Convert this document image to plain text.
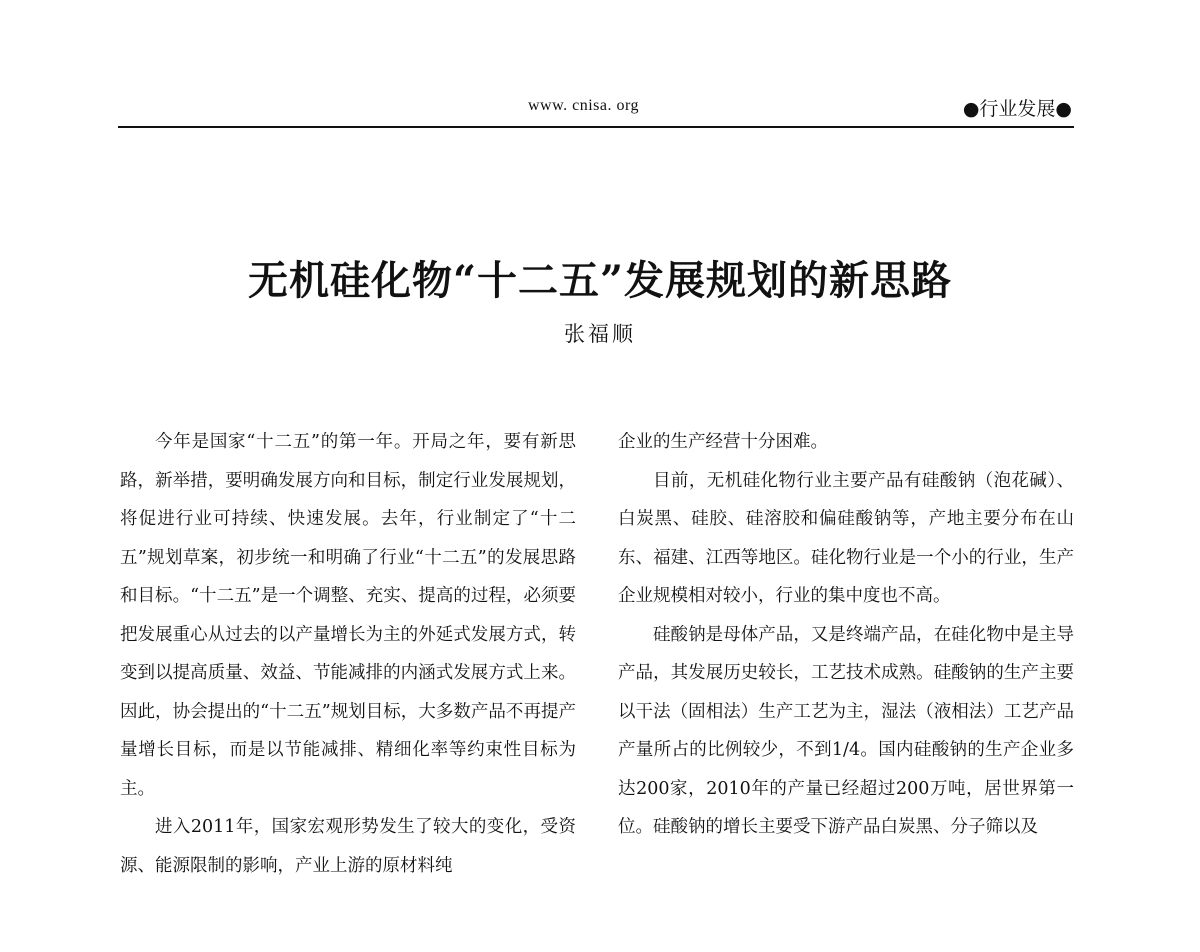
www. cnisa. org	●行业发展●
无机硅化物“十二五”发展规划的新思路
张福顺

今年是国家“十二五”的第一年。开局之年，要有新思路，新举措，要明确发展方向和目标，制定行业发展规划，将促进行业可持续、快速发展。去年，行业制定了“十二五”规划草案，初步统一和明确了行业“十二五”的发展思路和目标。“十二五”是一个调整、充实、提高的过程，必须要把发展重心从过去的以产量增长为主的外延式发展方式，转变到以提高质量、效益、节能减排的内涵式发展方式上来。因此，协会提出的“十二五”规划目标，大多数产品不再提产量增长目标，而是以节能减排、精细化率等约束性目标为主。

进入2011年，国家宏观形势发生了较大的变化，受资源、能源限制的影响，产业上游的原材料纯

企业的生产经营十分困难。

目前，无机硅化物行业主要产品有硅酸钠（泡花碱）、白炭黑、硅胶、硅溶胶和偏硅酸钠等，产地主要分布在山东、福建、江西等地区。硅化物行业是一个小的行业，生产企业规模相对较小，行业的集中度也不高。

硅酸钠是母体产品，又是终端产品，在硅化物中是主导产品，其发展历史较长，工艺技术成熟。硅酸钠的生产主要以干法（固相法）生产工艺为主，湿法（液相法）工艺产品产量所占的比例较少，不到1/4。国内硅酸钠的生产企业多达200家，2010年的产量已经超过200万吨，居世界第一位。硅酸钠的增长主要受下游产品白炭黑、分子筛以及
